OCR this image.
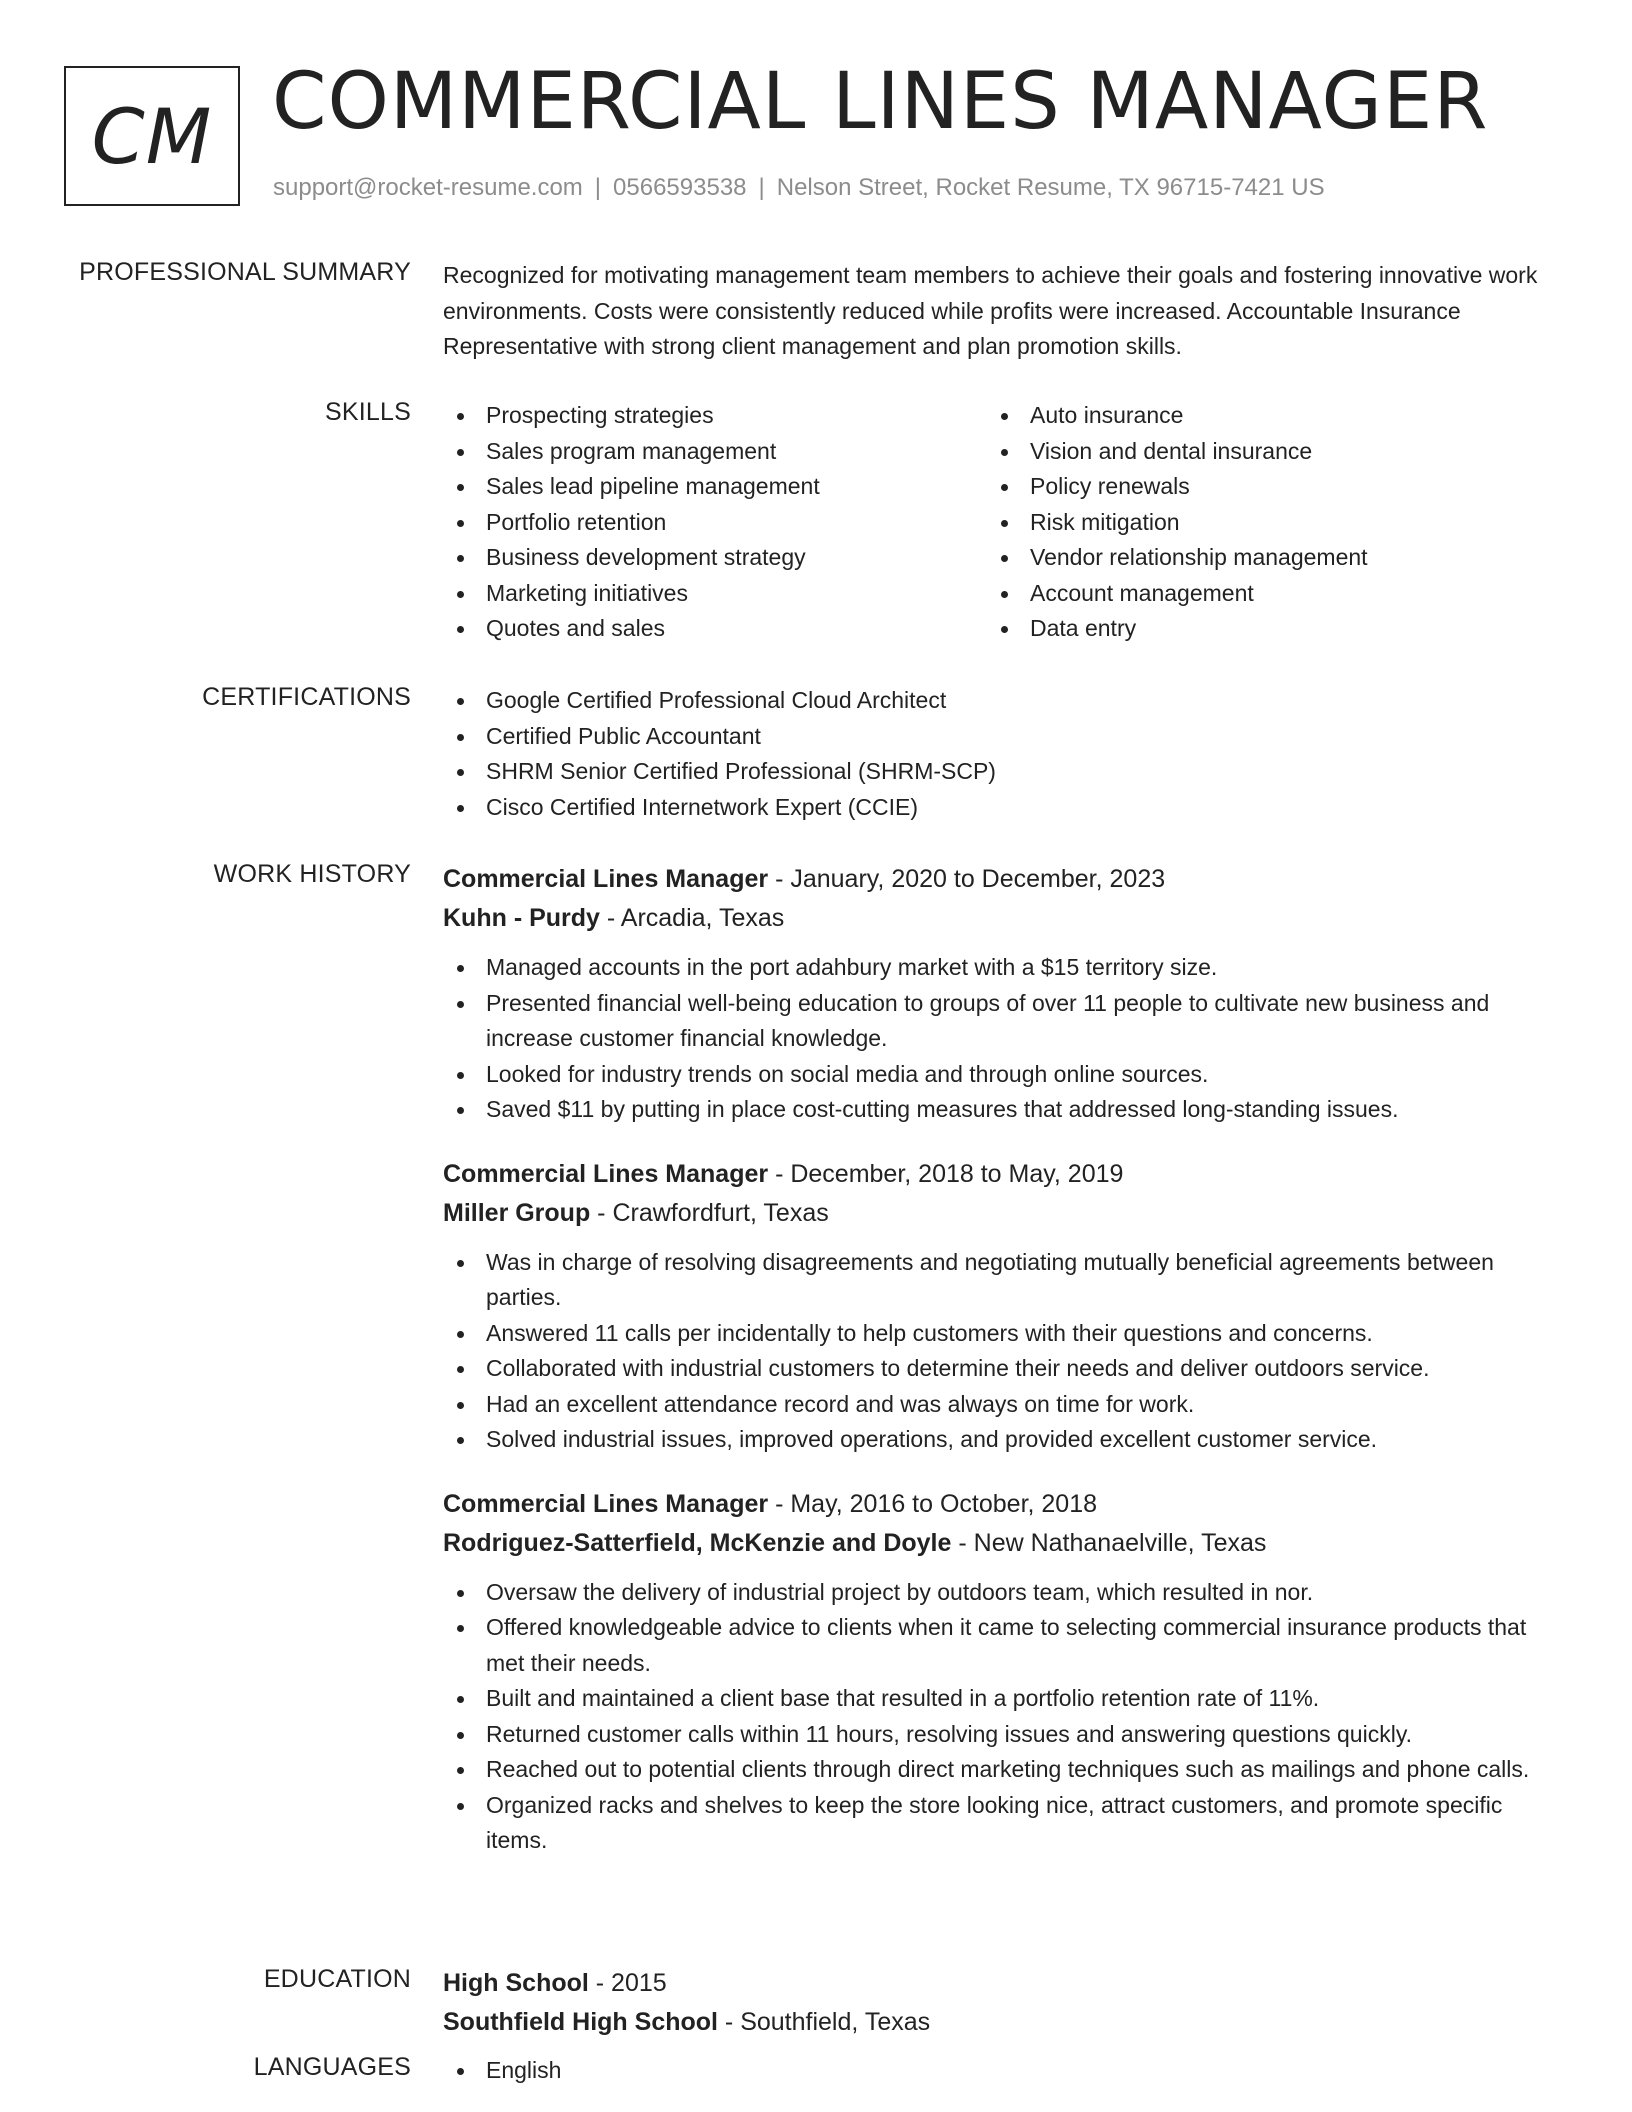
CM COMMERCIAL LINES MANAGER
support@rocket-resume.com | 0566593538 | Nelson Street, Rocket Resume, TX 96715-7421 US
PROFESSIONAL SUMMARY Recognized for motivating management team members to achieve their goals and fostering innovative work environments. Costs were consistently reduced while profits were increased. Accountable Insurance Representative with strong client management and plan promotion skills.

SKILLS	Prospecting strategies
Sales program management
Sales lead pipeline management
Portfolio retention
Business development strategy
Marketing initiatives
Quotes and sales
Auto insurance
Vision and dental insurance
Policy renewals
Risk mitigation
Vendor relationship management
Account management
Data entry
CERTIFICATIONS	Google Certified Professional Cloud Architect
Certified Public Accountant
SHRM Senior Certified Professional (SHRM-SCP)
Cisco Certified Internetwork Expert (CCIE)
WORK HISTORY Commercial Lines Manager - January, 2020 to December, 2023
Kuhn - Purdy - Arcadia, Texas
Managed accounts in the port adahbury market with a $15 territory size.
Presented financial well-being education to groups of over 11 people to cultivate new business and increase customer financial knowledge.
Looked for industry trends on social media and through online sources.
Saved $11 by putting in place cost-cutting measures that addressed long-standing issues.
Commercial Lines Manager - December, 2018 to May, 2019
Miller Group - Crawfordfurt, Texas
Was in charge of resolving disagreements and negotiating mutually beneficial agreements between parties.
Answered 11 calls per incidentally to help customers with their questions and concerns.
Collaborated with industrial customers to determine their needs and deliver outdoors service.
Had an excellent attendance record and was always on time for work.
Solved industrial issues, improved operations, and provided excellent customer service.
Commercial Lines Manager - May, 2016 to October, 2018
Rodriguez-Satterfield, McKenzie and Doyle - New Nathanaelville, Texas
Oversaw the delivery of industrial project by outdoors team, which resulted in nor.
Offered knowledgeable advice to clients when it came to selecting commercial insurance products that met their needs.
Built and maintained a client base that resulted in a portfolio retention rate of 11%.
Returned customer calls within 11 hours, resolving issues and answering questions quickly.
Reached out to potential clients through direct marketing techniques such as mailings and phone calls.
Organized racks and shelves to keep the store looking nice, attract customers, and promote specific items.
EDUCATION High School - 2015
Southfield High School - Southfield, Texas
LANGUAGES	English
